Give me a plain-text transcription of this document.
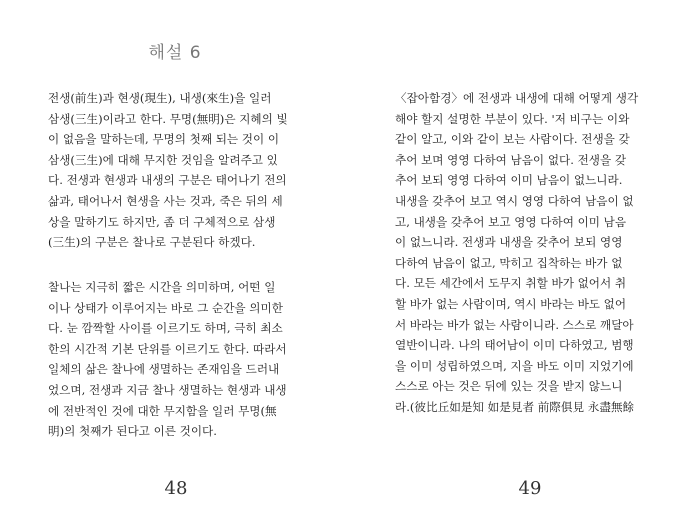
해설 6
전생(前生)과 현생(現生), 내생(來生)을 일러
삼생(三生)이라고 한다. 무명(無明)은 지혜의 빛
이 없음을 말하는데, 무명의 첫째 되는 것이 이
삼생(三生)에 대해 무지한 것임을 알려주고 있
다. 전생과 현생과 내생의 구분은 태어나기 전의
삶과, 태어나서 현생을 사는 것과, 죽은 뒤의 세
상을 말하기도 하지만, 좀 더 구체적으로 삼생
(三生)의 구분은 찰나로 구분된다 하겠다.
찰나는 지극히 짧은 시간을 의미하며, 어떤 일
이나 상태가 이루어지는 바로 그 순간을 의미한
다. 눈 깜짝할 사이를 이르기도 하며, 극히 최소
한의 시간적 기본 단위를 이르기도 한다. 따라서
일체의 삶은 찰나에 생멸하는 존재임을 드러내
었으며, 전생과 지금 찰나 생멸하는 현생과 내생
에 전반적인 것에 대한 무지함을 일러 무명(無
明)의 첫째가 된다고 이른 것이다.
48
〈잡아함경〉에 전생과 내생에 대해 어떻게 생각
해야 할지 설명한 부분이 있다. '저 비구는 이와
같이 알고, 이와 같이 보는 사람이다. 전생을 갖
추어 보며 영영 다하여 남음이 없다. 전생을 갖
추어 보되 영영 다하여 이미 남음이 없느니라.
내생을 갖추어 보고 역시 영영 다하여 남음이 없
고, 내생을 갖추어 보고 영영 다하여 이미 남음
이 없느니라. 전생과 내생을 갖추어 보되 영영
다하여 남음이 없고, 막히고 집착하는 바가 없
다. 모든 세간에서 도무지 취할 바가 없어서 취
할 바가 없는 사람이며, 역시 바라는 바도 없어
서 바라는 바가 없는 사람이니라. 스스로 깨달아
열반이니라. 나의 태어남이 이미 다하였고, 범행
을 이미 성립하였으며, 지을 바도 이미 지었기에
스스로 아는 것은 뒤에 있는 것을 받지 않느니
라.(彼比丘如是知 如是見者 前際俱見 永盡無餘
49
